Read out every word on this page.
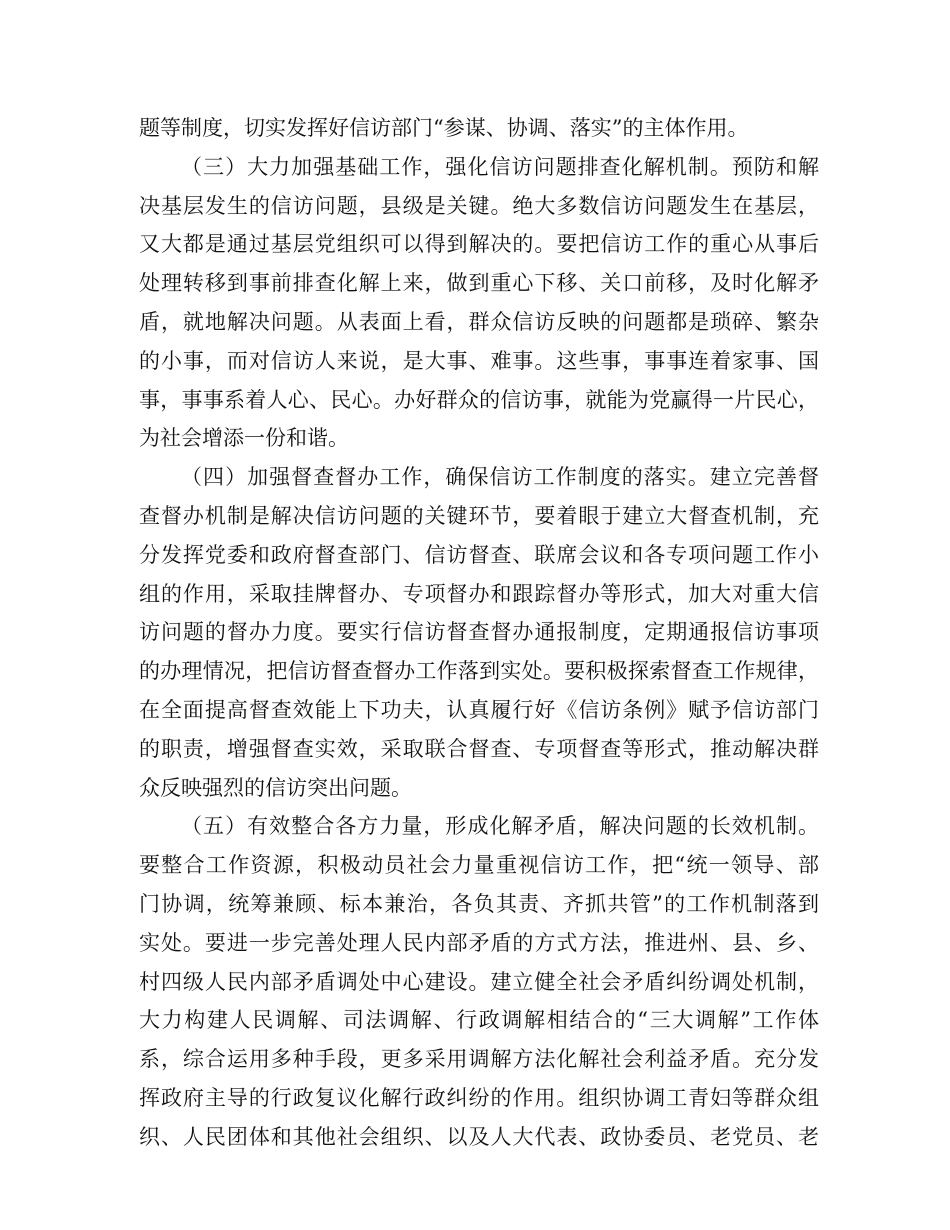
题等制度，切实发挥好信访部门“参谋、协调、落实”的主体作用。
（三）大力加强基础工作，强化信访问题排查化解机制。预防和解
决基层发生的信访问题，县级是关键。绝大多数信访问题发生在基层，
又大都是通过基层党组织可以得到解决的。要把信访工作的重心从事后
处理转移到事前排查化解上来，做到重心下移、关口前移，及时化解矛
盾，就地解决问题。从表面上看，群众信访反映的问题都是琐碎、繁杂
的小事，而对信访人来说，是大事、难事。这些事，事事连着家事、国
事，事事系着人心、民心。办好群众的信访事，就能为党赢得一片民心，
为社会增添一份和谐。
（四）加强督查督办工作，确保信访工作制度的落实。建立完善督
查督办机制是解决信访问题的关键环节，要着眼于建立大督查机制，充
分发挥党委和政府督查部门、信访督查、联席会议和各专项问题工作小
组的作用，采取挂牌督办、专项督办和跟踪督办等形式，加大对重大信
访问题的督办力度。要实行信访督查督办通报制度，定期通报信访事项
的办理情况，把信访督查督办工作落到实处。要积极探索督查工作规律，
在全面提高督查效能上下功夫，认真履行好《信访条例》赋予信访部门
的职责，增强督查实效，采取联合督查、专项督查等形式，推动解决群
众反映强烈的信访突出问题。
（五）有效整合各方力量，形成化解矛盾，解决问题的长效机制。
要整合工作资源，积极动员社会力量重视信访工作，把“统一领导、部
门协调，统筹兼顾、标本兼治，各负其责、齐抓共管”的工作机制落到
实处。要进一步完善处理人民内部矛盾的方式方法，推进州、县、乡、
村四级人民内部矛盾调处中心建设。建立健全社会矛盾纠纷调处机制，
大力构建人民调解、司法调解、行政调解相结合的“三大调解”工作体
系，综合运用多种手段，更多采用调解方法化解社会利益矛盾。充分发
挥政府主导的行政复议化解行政纠纷的作用。组织协调工青妇等群众组
织、人民团体和其他社会组织、以及人大代表、政协委员、老党员、老
